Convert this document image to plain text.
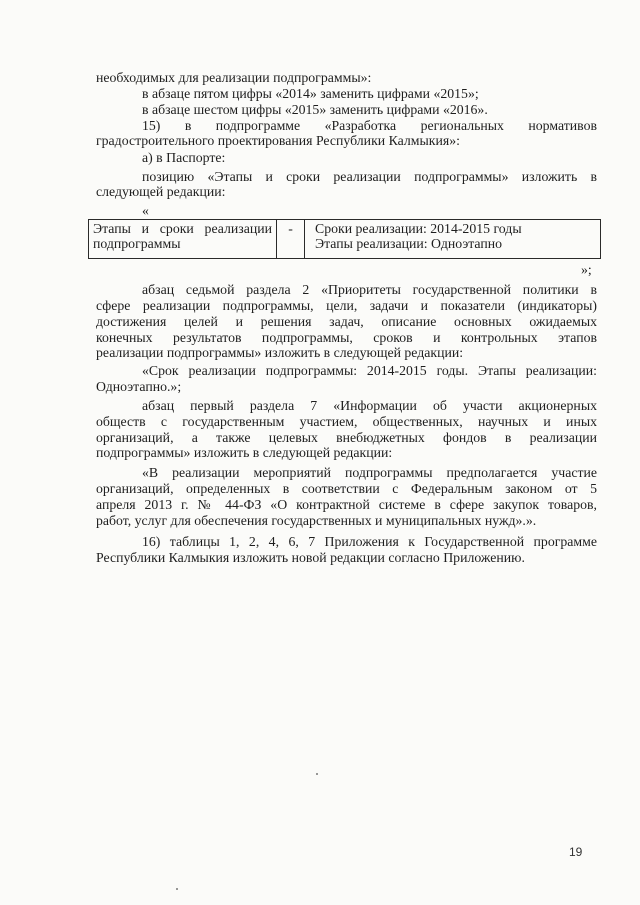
необходимых для реализации подпрограммы»:
в абзаце пятом цифры «2014» заменить цифрами «2015»;
в абзаце шестом цифры «2015» заменить цифрами «2016».
15) в подпрограмме «Разработка региональных нормативов
градостроительного проектирования Республики Калмыкия»:
а) в Паспорте:
позицию «Этапы и сроки реализации подпрограммы» изложить в
следующей редакции:
«
Этапы и сроки реализации
подпрограммы
-	Сроки реализации: 2014-2015 годы
Этапы реализации: Одноэтапно
»;
абзац седьмой раздела 2 «Приоритеты государственной политики в
сфере реализации подпрограммы, цели, задачи и показатели (индикаторы)
достижения целей и решения задач, описание основных ожидаемых
конечных результатов подпрограммы, сроков и контрольных этапов
реализации подпрограммы» изложить в следующей редакции:
«Срок реализации подпрограммы: 2014-2015 годы. Этапы реализации:
Одноэтапно.»;
абзац первый раздела 7 «Информации об участи акционерных
обществ с государственным участием, общественных, научных и иных
организаций, а также целевых внебюджетных фондов в реализации
подпрограммы» изложить в следующей редакции:
«В реализации мероприятий подпрограммы предполагается участие
организаций, определенных в соответствии с Федеральным законом от 5
апреля 2013 г. № 44-ФЗ «О контрактной системе в сфере закупок товаров,
работ, услуг для обеспечения государственных и муниципальных нужд».».
16) таблицы 1, 2, 4, 6, 7 Приложения к Государственной программе
Республики Калмыкия изложить новой редакции согласно Приложению.
19
